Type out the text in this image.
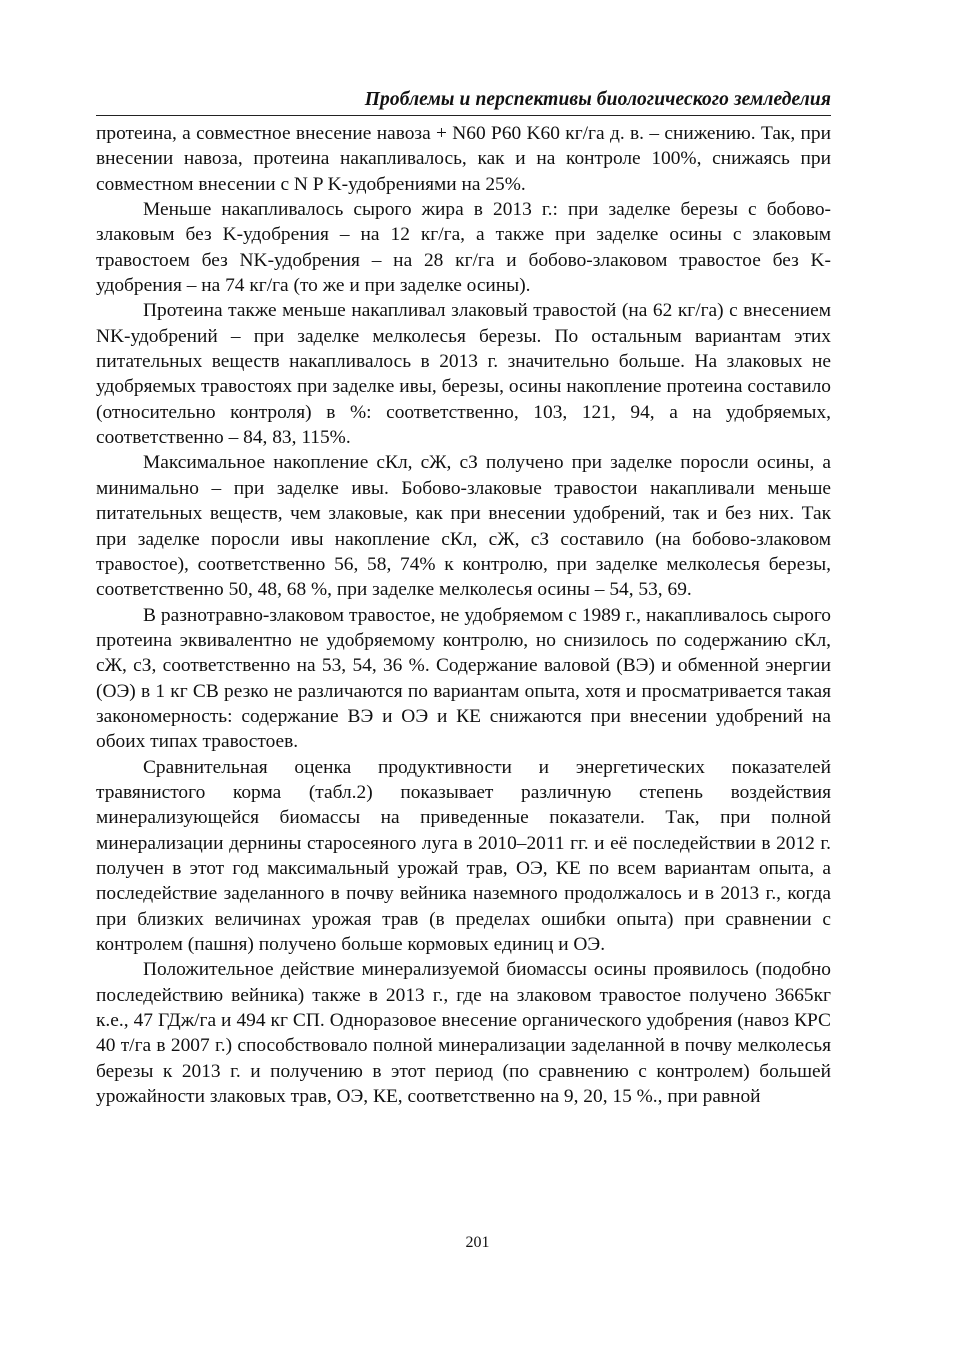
Проблемы и перспективы биологического земледелия

протеина, а совместное внесение навоза + N60 P60 K60 кг/га д. в. – снижению. Так, при внесении навоза, протеина накапливалось, как и на контроле 100%, снижаясь при совместном внесении с N P K-удобрениями на 25%.

Меньше накапливалось сырого жира в 2013 г.: при заделке березы с бобово-злаковым без K-удобрения – на 12 кг/га, а также при заделке осины с злаковым травостоем без NK-удобрения – на 28 кг/га и бобово-злаковом травостое без K-удобрения – на 74 кг/га (то же и при заделке осины).

Протеина также меньше накапливал злаковый травостой (на 62 кг/га) с внесением NK-удобрений – при заделке мелколесья березы. По остальным вариантам этих питательных веществ накапливалось в 2013 г. значительно больше. На злаковых не удобряемых травостоях при заделке ивы, березы, осины накопление протеина составило (относительно контроля) в %: соответственно, 103, 121, 94, а на удобряемых, соответственно – 84, 83, 115%.

Максимальное накопление сКл, сЖ, сЗ получено при заделке поросли осины, а минимально – при заделке ивы. Бобово-злаковые травостои накапливали меньше питательных веществ, чем злаковые, как при внесении удобрений, так и без них. Так при заделке поросли ивы накопление сКл, сЖ, сЗ составило (на бобово-злаковом травостое), соответственно 56, 58, 74% к контролю, при заделке мелколесья березы, соответственно 50, 48, 68 %, при заделке мелколесья осины – 54, 53, 69.

В разнотравно-злаковом травостое, не удобряемом с 1989 г., накапливалось сырого протеина эквивалентно не удобряемому контролю, но снизилось по содержанию сКл, сЖ, сЗ, соответственно на 53, 54, 36 %. Содержание валовой (ВЭ) и обменной энергии (ОЭ) в 1 кг СВ резко не различаются по вариантам опыта, хотя и просматривается такая закономерность: содержание ВЭ и ОЭ и КЕ снижаются при внесении удобрений на обоих типах травостоев.

Сравнительная оценка продуктивности и энергетических показателей травянистого корма (табл.2) показывает различную степень воздействия минерализующейся биомассы на приведенные показатели. Так, при полной минерализации дернины старосеяного луга в 2010–2011 гг. и её последействии в 2012 г. получен в этот год максимальный урожай трав, ОЭ, КЕ по всем вариантам опыта, а последействие заделанного в почву вейника наземного продолжалось и в 2013 г., когда при близких величинах урожая трав (в пределах ошибки опыта) при сравнении с контролем (пашня) получено больше кормовых единиц и ОЭ.

Положительное действие минерализуемой биомассы осины проявилось (подобно последействию вейника) также в 2013 г., где на злаковом травостое получено 3665кг к.е., 47 ГДж/га и 494 кг СП. Одноразовое внесение органического удобрения (навоз КРС 40 т/га в 2007 г.) способствовало полной минерализации заделанной в почву мелколесья березы к 2013 г. и получению в этот период (по сравнению с контролем) большей урожайности злаковых трав, ОЭ, КЕ, соответственно на 9, 20, 15 %., при равной

201
